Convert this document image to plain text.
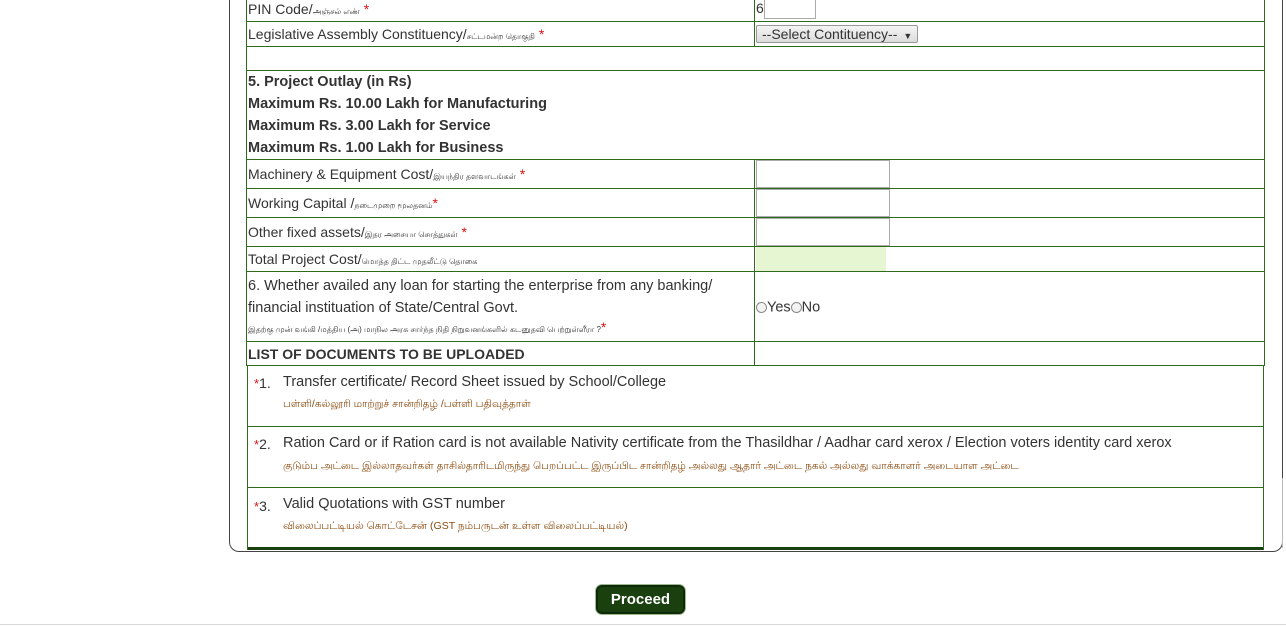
PIN Code/அஞ்சல் எண் *	6
Legislative Assembly Constituency/சட்டமன்ற தொகுதி *	--Select Contituency-- ▼

5. Project Outlay (in Rs)
Maximum Rs. 10.00 Lakh for Manufacturing
Maximum Rs. 3.00 Lakh for Service
Maximum Rs. 1.00 Lakh for Business	

Machinery & Equipment Cost/இயந்திர தளவாடங்கள் *	

Working Capital /நடைமுறை மூலதனம்*	

Other fixed assets/இதர அசையா சொத்துகள் *	

Total Project Cost/மொத்த திட்ட முதலீட்டு தொகை	

6. Whether availed any loan for starting the enterprise from any banking/ financial instituation of State/Central Govt.
இதற்கு முன் வங்கி /மத்திய (அ) மாநில அரசு சார்ந்த நிதி நிறுவனங்களில் கடனுதவி பெற்றுள்ளீரா ?*	Yes No
LIST OF DOCUMENTS TO BE UPLOADED	
*1. Transfer certificate/ Record Sheet issued by School/College
பள்ளி/கல்லூரி மாற்றுச் சான்றிதழ் /பள்ளி பதிவுத்தாள்
*2. Ration Card or if Ration card is not available Nativity certificate from the Thasildhar / Aadhar card xerox / Election voters identity card xerox
குடும்ப அட்டை இல்லாதவர்கள் தாசில்தாரிடமிருந்து பெறப்பட்ட இருப்பிட சான்றிதழ் அல்லது ஆதார் அட்டை நகல் அல்லது வாக்காளர் அடையாள அட்டை
*3. Valid Quotations with GST number
விலைப்பட்டியல் கொட்டேசன் (GST நம்பருடன் உள்ள விலைப்பட்டியல்)
Proceed
